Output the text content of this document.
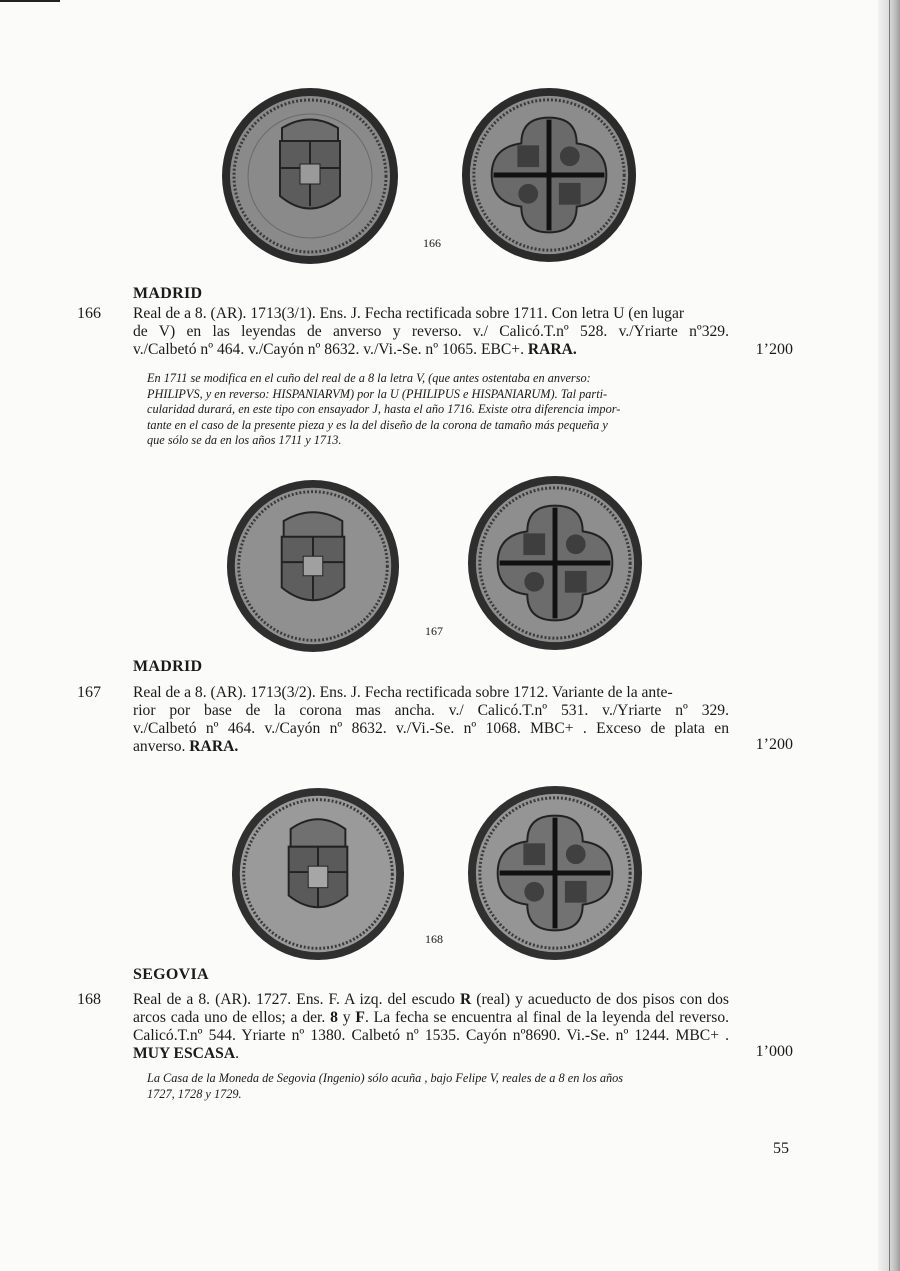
166
MADRID
166 Real de a 8. (AR). 1713(3/1). Ens. J. Fecha rectificada sobre 1711. Con letra U (en lugar
de V) en las leyendas de anverso y reverso. v./ Calicó.T.nº 528. v./Yriarte nº329.
v./Calbetó nº 464. v./Cayón nº 8632. v./Vi.-Se. nº 1065. EBC+. RARA.	1’200
En 1711 se modifica en el cuño del real de a 8 la letra V, (que antes ostentaba en anverso:
PHILIPVS, y en reverso: HISPANIARVM) por la U (PHILIPUS e HISPANIARUM). Tal parti-
cularidad durará, en este tipo con ensayador J, hasta el año 1716. Existe otra diferencia impor-
tante en el caso de la presente pieza y es la del diseño de la corona de tamaño más pequeña y
que sólo se da en los años 1711 y 1713.
167
MADRID
167 Real de a 8. (AR). 1713(3/2). Ens. J. Fecha rectificada sobre 1712. Variante de la ante-
rior por base de la corona mas ancha. v./ Calicó.T.nº 531. v./Yriarte nº 329.
v./Calbetó nº 464. v./Cayón nº 8632. v./Vi.-Se. nº 1068. MBC+ . Exceso de plata en
anverso. RARA.	1’200
168
SEGOVIA
168 Real de a 8. (AR). 1727. Ens. F. A izq. del escudo R (real) y acueducto de dos pisos con dos arcos cada uno de ellos; a der. 8 y F. La fecha se encuentra al final de la leyenda del reverso. Calicó.T.nº 544. Yriarte nº 1380. Calbetó nº 1535. Cayón nº8690. Vi.-Se. nº 1244. MBC+ . MUY ESCASA.	1’000
La Casa de la Moneda de Segovia (Ingenio) sólo acuña , bajo Felipe V, reales de a 8 en los años
1727, 1728 y 1729.
55
